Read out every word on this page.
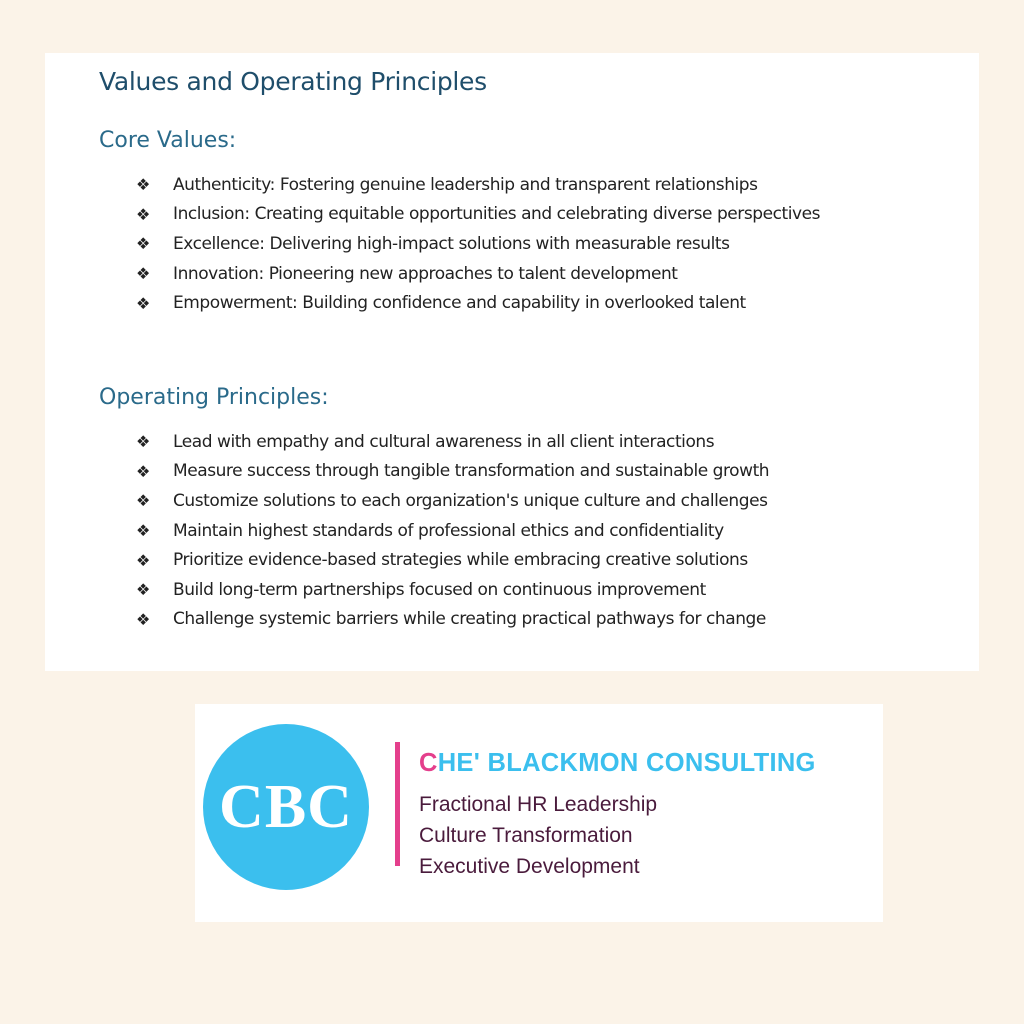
Values and Operating Principles
Core Values:
❖	Authenticity: Fostering genuine leadership and transparent relationships
❖	Inclusion: Creating equitable opportunities and celebrating diverse perspectives
❖	Excellence: Delivering high-impact solutions with measurable results
❖	Innovation: Pioneering new approaches to talent development
❖	Empowerment: Building confidence and capability in overlooked talent
Operating Principles:
❖	Lead with empathy and cultural awareness in all client interactions
❖	Measure success through tangible transformation and sustainable growth
❖	Customize solutions to each organization's unique culture and challenges
❖	Maintain highest standards of professional ethics and confidentiality
❖	Prioritize evidence-based strategies while embracing creative solutions
❖	Build long-term partnerships focused on continuous improvement
❖	Challenge systemic barriers while creating practical pathways for change
CBC
CHE' BLACKMON CONSULTING
Fractional HR Leadership
Culture Transformation
Executive Development
